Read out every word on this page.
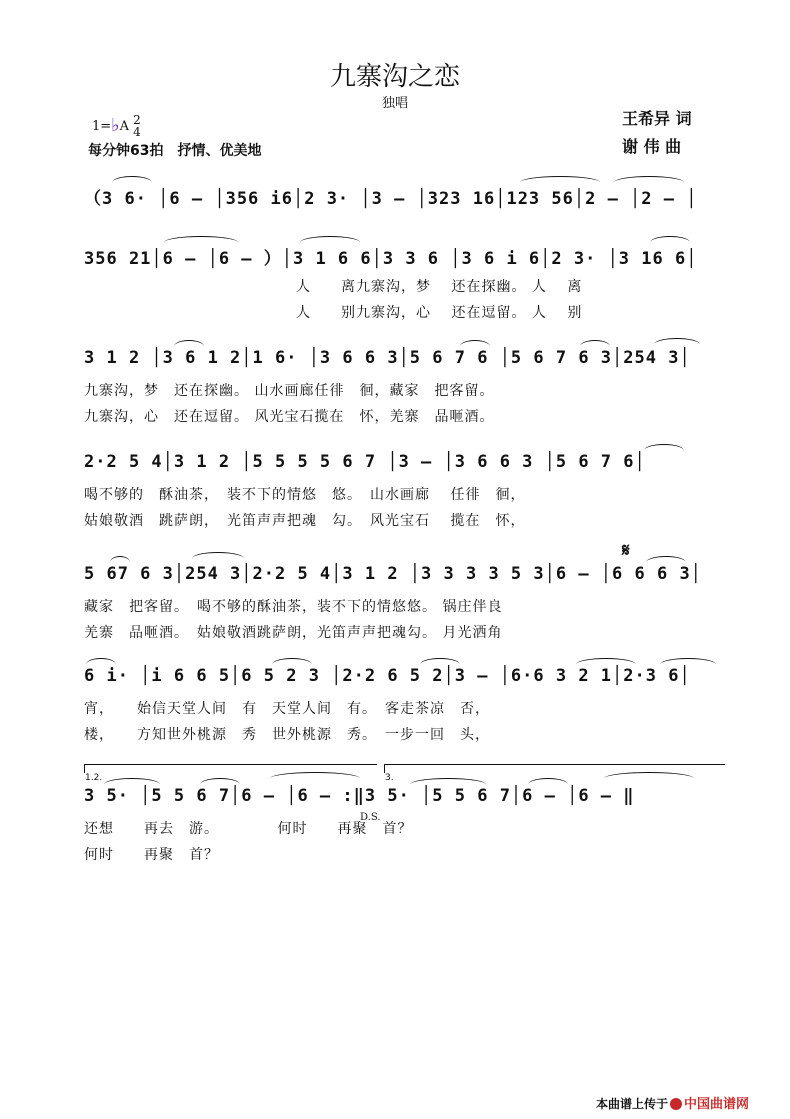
九寨沟之恋
独唱
1=♭A 2
4
每分钟63拍　抒情、优美地
王希异 词
谢 伟 曲
（3 6· │6 – │356 i6│2 3· │3 – │323 16│123 56│2 – │2 – │
356 21│6 – │6 – ）│3 1 6 6│3 3 6 │3 6 i 6│2 3· │3 16 6│
人　　离九寨沟，梦　 还在探幽。 人　 离
人　　别九寨沟，心　 还在逗留。 人　 别
3 1 2 │3 6 1 2│1 6· │3 6 6 3│5 6 7 6 │5 6 7 6 3│254 3│
九寨沟，梦　还在探幽。 山水画廊任徘　徊，藏家　把客留。
九寨沟，心　还在逗留。 风光宝石揽在　怀，羌寨　品咂酒。
2·2 5 4│3 1 2 │5 5 5 5 6 7 │3 – │3 6 6 3 │5 6 7 6│
喝不够的　酥油茶，　装不下的情悠　悠。　山水画廊　 任徘　徊，
姑娘敬酒　跳萨朗，　光笛声声把魂　勾。　风光宝石　 揽在　怀，
𝄋
5 67 6 3│254 3│2·2 5 4│3 1 2 │3 3 3 3 5 3│6 – │6 6 6 3│
藏家　把客留。　喝不够的酥油茶，装不下的情悠悠。 锅庄伴良
羌寨　品咂酒。　姑娘敬酒跳萨朗，光笛声声把魂勾。 月光洒角
6 i· │i 6 6 5│6 5 2 3 │2·2 6 5 2│3 – │6·6 3 2 1│2·3 6│
宵，　　始信天堂人间　有　天堂人间　有。　客走茶凉　否，
楼，　　方知世外桃源　秀　世外桃源　秀。　一步一回　头，
1.2.	3.
3 5· │5 5 6 7│6 – │6 – :‖3 5· │5 5 6 7│6 – │6 – ‖
D.S.
还想　　再去　游。　　　　 何时　　再聚　首？
何时　　再聚　首？
本曲谱上传于 中国曲谱网
